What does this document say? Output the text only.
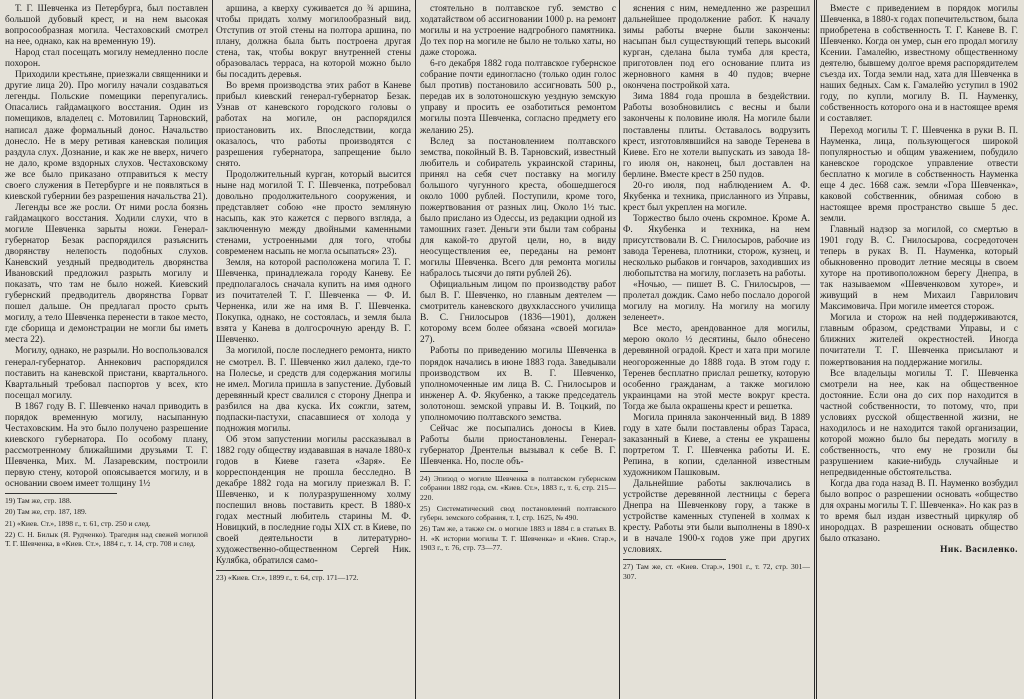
Т. Г. Шевченка из Петербурга, был поставлен большой дубовый крест, и на нем высокая вопросообразная могила. Честаховский смотрел на нее, однако, как на временную 19).

Народ стал посещать могилу немедленно после похорон.

Приходили крестьяне, приезжали священники и другие лица 20). Про могилу начали создаваться легенды. Польские помещики перепугались. Опасались гайдамацкого восстания. Один из помещиков, владелец с. Мотовилиц Тарновский, написал даже формальный донос. Начальство донесло. Не в меру ретивая каневская полиция раздула слух. Дознание, и как же не вверх, ничего не дало, кроме вздорных слухов. Честаховскому же все было приказано отправиться к месту своего служения в Петербурге и не появляться в киевской губернии без разрешения начальства 21).

Легенды все же росли. От ними росла боязнь гайдамацкого восстания. Ходили слухи, что в могиле Шевченка зарыты ножи. Генерал-губернатор Безак распорядился разъяснить дворянству нелепость подобных слухов. Каневский уездный предводитель дворянства Ивановский предложил разрыть могилу и показать, что там не было ножей. Киевский губернский предводитель дворянства Горват пошел дальше. Он предлагал просто срыть могилу, а тело Шевченка перенести в такое место, где сборища и демонстрации не могли бы иметь места 22).

Могилу, однако, не разрыли. Но воспользовался генерал-губернатор. Аннекович распорядился поставить на каневской пристани, квартального. Квартальный требовал паспортов у всех, кто посещал могилу.

В 1867 году В. Г. Шевченко начал приводить в порядок временную могилу, насыпанную Честаховским. На это было получено разрешение киевского губернатора. По особому плану, рассмотренному ближайшими друзьями Т. Г. Шевченка, Мих. М. Лазаревским, построили первую стену, которой опоясывается могилу, и в основании своем имеет толщину 1½

19) Там же, стр. 188.

20) Там же, стр. 187, 189.

21) «Киев. Ст.», 1898 г., т. 61, стр. 250 и след.

22) С. Н. Билык (Я. Рудченко). Трагедия над свежей могилой Т. Г. Шевченка, в «Киев. Ст.», 1884 г., т. 14, стр. 708 и след.

аршина, а кверху суживается до ¾ аршина, чтобы придать холму могилообразный вид. Отступив от этой стены на полтора аршина, по плану, должна была быть построена другая стена, так, чтобы вокруг внутренней стены образовалась терраса, на которой можно было бы посадить деревья.

Во время производства этих работ в Каневе прибыл киевский генерал-губернатор Безак. Узнав от каневского городского головы о работах на могиле, он распорядился приостановить их. Впоследствии, когда оказалось, что работы производятся с разрешения губернатора, запрещение было снято.

Продолжительный курган, который высится ныне над могилой Т. Г. Шевченка, потребовал довольно продолжительного сооружения, и представляет собою «не просто земляную насыпь, как это кажется с первого взгляда, а заключенную между двойными каменными стенами, устроенными для того, чтобы современем насыпь не могла осыпаться» 23).

Земля, на которой расположена могила Т. Г. Шевченка, принадлежала городу Каневу. Ее предполагалось сначала купить на имя одного из почитателей Т. Г. Шевченка — Ф. И. Черненка, или же на имя В. Г. Шевченка. Покупка, однако, не состоялась, и земля была взята у Канева в долгосрочную аренду В. Г. Шевченко.

За могилой, после последнего ремонта, никто не смотрел. В. Г. Шевченко жил далеко, где-то на Полесье, и средств для содержания могилы не имел. Могила пришла в запустение. Дубовый деревянный крест свалился с сторону Днепра и разбился на два куска. Их сожгли, затем, подпаски-пастухи, спасавшиеся от холода у подножия могилы.

Об этом запустении могилы рассказывал в 1882 году обществу издававшая в начале 1880-х годов в Киеве газета «Заря». Ее корреспонденция не прошла бесследно. В декабре 1882 года на могилу приезжал В. Г. Шевченко, и к полуразрушенному холму поспешил вновь поставить крест. В 1880-х годах местный любитель старины М. Ф. Новицкий, в последние годы XIX ст. в Киеве, по своей деятельности в литературно-художественно-общественном Сергей Ник. Кулябка, обратился само-

23) «Киев. Ст.», 1899 г., т. 64, стр. 171—172.

стоятельно в полтавское губ. земство с ходатайством об ассигновании 1000 р. на ремонт могилы и на устроение надгробного памятника. До тех пор на могиле не было не только хаты, но даже сторожа.

6-го декабря 1882 года полтавское губернское собрание почти единогласно (только один голос был против) постановило ассигновать 500 р., передав их в золотоношскую уездную земскую управу и просить ее озаботиться ремонтом могилы поэта Шевченка, согласно предмету его желанию 25).

Вслед за постановлением полтавского земства, покойный В. В. Тарновский, известный любитель и собиратель украинской старины, принял на себя счет поставку на могилу большого чугунного креста, обошедшегося около 1000 рублей. Поступили, кроме того, пожертвования от разных лиц. Около 1½ тыс. было прислано из Одессы, из редакции одной из тамошних газет. Деньги эти были там собраны для какой-то другой цели, но, в виду неосуществления ее, переданы на ремонт могилы Шевченка. Всего для ремонта могилы набралось тысячи до пяти рублей 26).

Официальным лицом по производству работ был В. Г. Шевченко, но главным деятелем — смотритель каневского двухклассного училища В. С. Гнилосыров (1836—1901), должен которому всем более обязана «своей могила» 27).

Работы по приведению могилы Шевченка в порядок начались в июне 1883 года. Заведывали производством их В. Г. Шевченко, уполномоченные им лица В. С. Гнилосыров и инженер А. Ф. Якубенко, а также председатель золотонош. земской управы И. В. Тоцкий, по уполномочию полтавского земства.

Сейчас же посыпались доносы в Киев. Работы были приостановлены. Генерал-губернатор Дрентельн вызывал к себе В. Г. Шевченка. Но, после объ-

24) Эпизод о могиле Шевченка в полтавском губернском собрании 1882 года, см. «Киев. Ст.», 1883 г., т. 6, стр. 215—220.

25) Систематический свод постановлений полтавского губерн. земского собрания, т. I, стр. 1625, № 490.

26) Там же, а также см. о могиле 1883 и 1884 г. в статьях В. Н. «К истории могилы Т. Г. Шевченка» и «Киев. Стар.», 1903 г., т. 76, стр. 73—77.

яснения с ним, немедленно же разрешил дальнейшее продолжение работ. К началу зимы работы вчерне были закончены: насыпан был существующий теперь высокий курган, сделана была тумба для креста, приготовлен под его основание плита из жерновного камня в 40 пудов; вчерне окончена постройкой хата.

Зима 1884 года прошла в бездействии. Работы возобновились с весны и были закончены к половине июля. На могиле были поставлены плиты. Оставалось водрузить крест, изготовлявшийся на заводе Теренева в Киеве. Его не хотели выпускать из завода 18-го июля он, наконец, был доставлен на берлине. Вместе крест в 250 пудов.

20-го июля, под наблюдением А. Ф. Якубенка и техника, присланного из Управы, крест был укреплен на могиле.

Торжество было очень скромное. Кроме А. Ф. Якубенка и техника, на нем присутствовали В. С. Гнилосыров, рабочие из завода Теренева, плотники, сторож, кузнец, и несколько рыбаков и гончаров, заходивших из любопытства на могилу, поглазеть на работы.

«Ночью, — пишет В. С. Гнилосыров, — пролетал дождик. Само небо послало дорогой могилу на могилу. На могилу на могилу зеленеет».

Все место, арендованное для могилы, мерою около ½ десятины, было обнесено деревянной оградой. Крест и хата при могиле неогороженные до 1888 года. В этом году г. Теренев бесплатно прислал решетку, которую особенно гражданам, а также могилою украинцами на этой месте вокруг креста. Тогда же была окрашены крест и решетка.

Могила приняла законченный вид. В 1889 году в хате были поставлены образ Тараса, заказанный в Киеве, а стены ее украшены портретом Т. Г. Шевченка работы И. Е. Репина, в копии, сделанной известным художником Пашковым.

Дальнейшие работы заключались в устройстве деревянной лестницы с берега Днепра на Шевченкову гору, а также в устройстве каменных ступеней в холмах к кресту. Работы эти были выполнены в 1890-х и в начале 1900-х годов уже при других условиях.

27) Там же, ст. «Киев. Стар.», 1901 г., т. 72, стр. 301—307.

Вместе с приведением в порядок могилы Шевченка, в 1880-х годах попечительством, была приобретена в собственность Т. Г. Каневе В. Г. Шевченко. Когда он умер, сын его продал могилу Ксении. Гамалейю, известному общественному деятелю, бывшему долгое время распорядителем съезда их. Тогда земли над, хата для Шевченка в наших бедных. Сам к. Гамалейю уступил в 1902 году, по купли, могилу В. П. Науменку, собственность которого она и в настоящее время и составляет.

Переход могилы Т. Г. Шевченка в руки В. П. Науменка, лица, пользующегося широкой популярностью и общим уважением, побудило каневское городское управление отвести бесплатно к могиле в собственность Науменка еще 4 дес. 1668 саж. земли «Гора Шевченка», каковой собственник, обнимая собою в настоящее время пространство свыше 5 дес. земли.

Главный надзор за могилой, со смертью в 1901 году В. С. Гнилосырова, сосредоточен теперь в руках В. П. Науменка, который обыкновенно проводит летние месяцы в своем хуторе на противоположном берегу Днепра, в так называемом «Шевченковом хуторе», и живущий в нем Михаил Гаврилович Максимовича. При могиле имеется сторож.

Могила и сторож на ней поддерживаются, главным образом, средствами Управы, и с ближних жителей окрестностей. Иногда почитатели Т. Г. Шевченка присылают и пожертвования на поддержание могилы.

Все владельцы могилы Т. Г. Шевченка смотрели на нее, как на общественное достояние. Если она до сих пор находится в частной собственности, то потому, что, при условиях русской общественной жизни, не находилось и не находится такой организации, которой можно было бы передать могилу в собственность, что ему не грозили бы разрушением какие-нибудь случайные и непредвиденные обстоятельства.

Когда два года назад В. П. Науменко возбудил было вопрос о разрешении основать «общество для охраны могилы Т. Г. Шевченка». Но как раз в то время был издан известный циркуляр об инородцах. В разрешении основать общество было отказано.

Ник. Василенко.
